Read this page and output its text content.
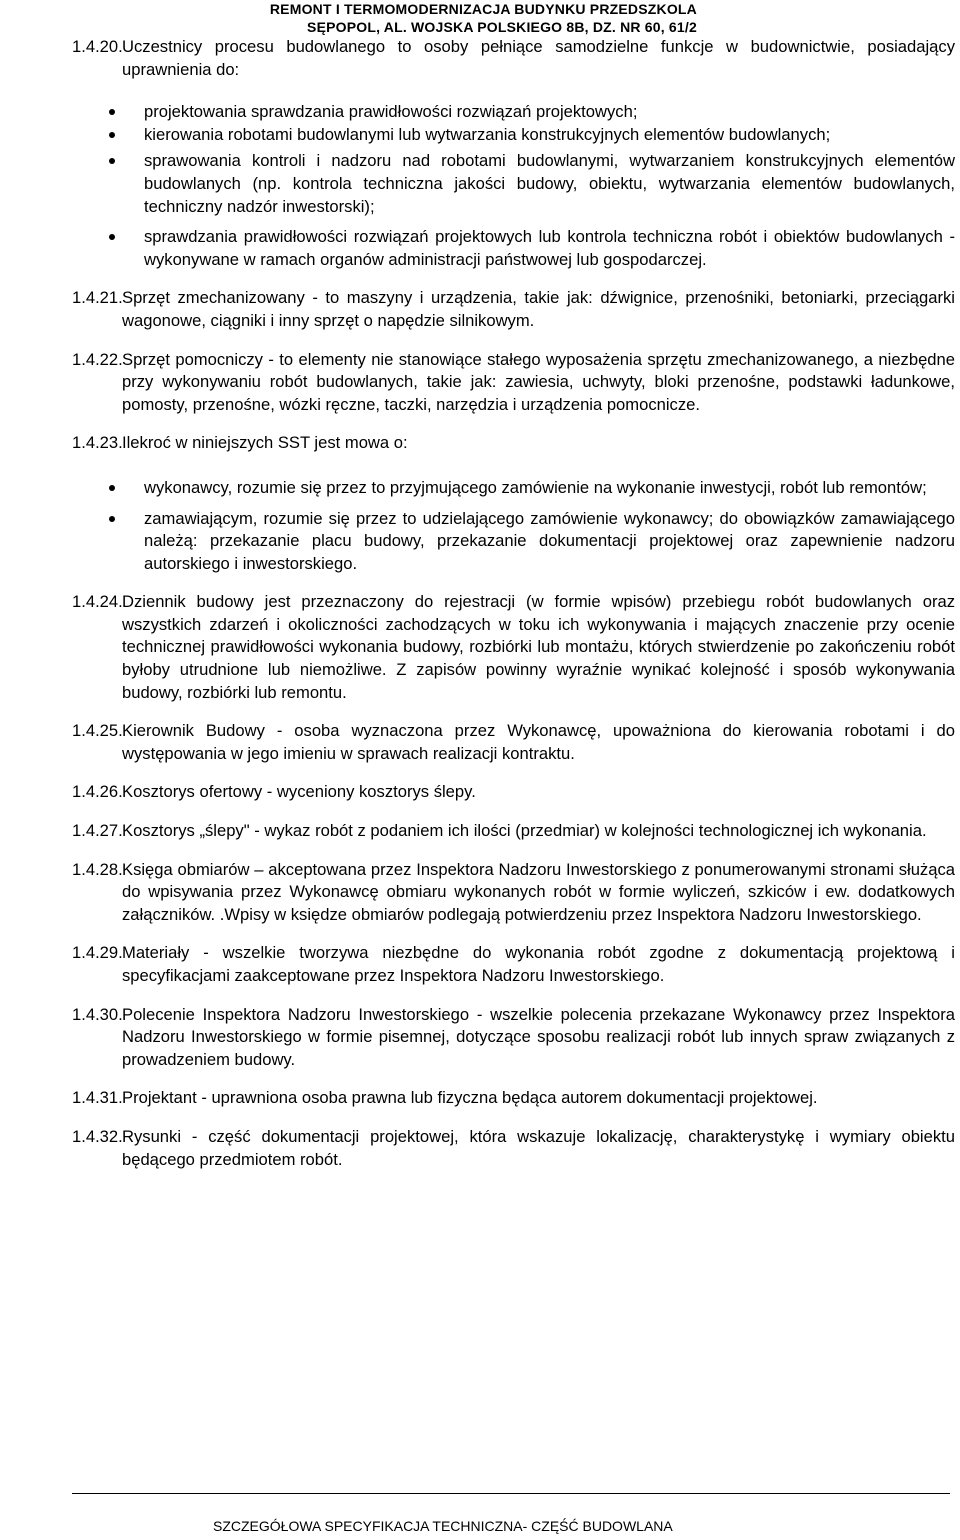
REMONT I TERMOMODERNIZACJA BUDYNKU PRZEDSZKOLA
SĘPOPOL, AL. WOJSKA POLSKIEGO 8B, DZ. NR 60, 61/2
1.4.20. Uczestnicy procesu budowlanego to osoby pełniące samodzielne funkcje w budownictwie, posiadający uprawnienia do:
projektowania sprawdzania prawidłowości rozwiązań projektowych;
kierowania robotami budowlanymi lub wytwarzania konstrukcyjnych elementów budowlanych;
sprawowania kontroli i nadzoru nad robotami budowlanymi, wytwarzaniem konstrukcyjnych elementów budowlanych (np. kontrola techniczna jakości budowy, obiektu, wytwarzania elementów budowlanych, techniczny nadzór inwestorski);
sprawdzania prawidłowości rozwiązań projektowych lub kontrola techniczna robót i obiektów budowlanych - wykonywane w ramach organów administracji państwowej lub gospodarczej.
1.4.21. Sprzęt zmechanizowany - to maszyny i urządzenia, takie jak: dźwignice, przenośniki, betoniarki, przeciągarki wagonowe, ciągniki i inny sprzęt o napędzie silnikowym.
1.4.22. Sprzęt pomocniczy - to elementy nie stanowiące stałego wyposażenia sprzętu zmechanizowanego, a niezbędne przy wykonywaniu robót budowlanych, takie jak: zawiesia, uchwyty, bloki przenośne, podstawki ładunkowe, pomosty, przenośne, wózki ręczne, taczki, narzędzia i urządzenia pomocnicze.
1.4.23. Ilekroć w niniejszych SST jest mowa o:
wykonawcy, rozumie się przez to przyjmującego zamówienie na wykonanie inwestycji, robót lub remontów;
zamawiającym, rozumie się przez to udzielającego zamówienie wykonawcy; do obowiązków zamawiającego należą: przekazanie placu budowy, przekazanie dokumentacji projektowej oraz zapewnienie nadzoru autorskiego i inwestorskiego.
1.4.24. Dziennik budowy jest przeznaczony do rejestracji (w formie wpisów) przebiegu robót budowlanych oraz wszystkich zdarzeń i okoliczności zachodzących w toku ich wykonywania i mających znaczenie przy ocenie technicznej prawidłowości wykonania budowy, rozbiórki lub montażu, których stwierdzenie po zakończeniu robót byłoby utrudnione lub niemożliwe. Z zapisów powinny wyraźnie wynikać kolejność i sposób wykonywania budowy, rozbiórki lub remontu.
1.4.25. Kierownik Budowy - osoba wyznaczona przez Wykonawcę, upoważniona do kierowania robotami i do występowania w jego imieniu w sprawach realizacji kontraktu.
1.4.26. Kosztorys ofertowy - wyceniony kosztorys ślepy.
1.4.27. Kosztorys „ślepy" - wykaz robót z podaniem ich ilości (przedmiar) w kolejności technologicznej ich wykonania.
1.4.28. Księga obmiarów – akceptowana przez Inspektora Nadzoru Inwestorskiego z ponumerowanymi stronami służąca do wpisywania przez Wykonawcę obmiaru wykonanych robót w formie wyliczeń, szkiców i ew. dodatkowych załączników. .Wpisy w księdze obmiarów podlegają potwierdzeniu przez Inspektora Nadzoru Inwestorskiego.
1.4.29. Materiały - wszelkie tworzywa niezbędne do wykonania robót zgodne z dokumentacją projektową i specyfikacjami zaakceptowane przez Inspektora Nadzoru Inwestorskiego.
1.4.30. Polecenie Inspektora Nadzoru Inwestorskiego - wszelkie polecenia przekazane Wykonawcy przez Inspektora Nadzoru Inwestorskiego w formie pisemnej, dotyczące sposobu realizacji robót lub innych spraw związanych z prowadzeniem budowy.
1.4.31. Projektant - uprawniona osoba prawna lub fizyczna będąca autorem dokumentacji projektowej.
1.4.32. Rysunki - część dokumentacji projektowej, która wskazuje lokalizację, charakterystykę i wymiary obiektu będącego przedmiotem robót.
SZCZEGÓŁOWA SPECYFIKACJA TECHNICZNA- CZĘŚĆ BUDOWLANA
